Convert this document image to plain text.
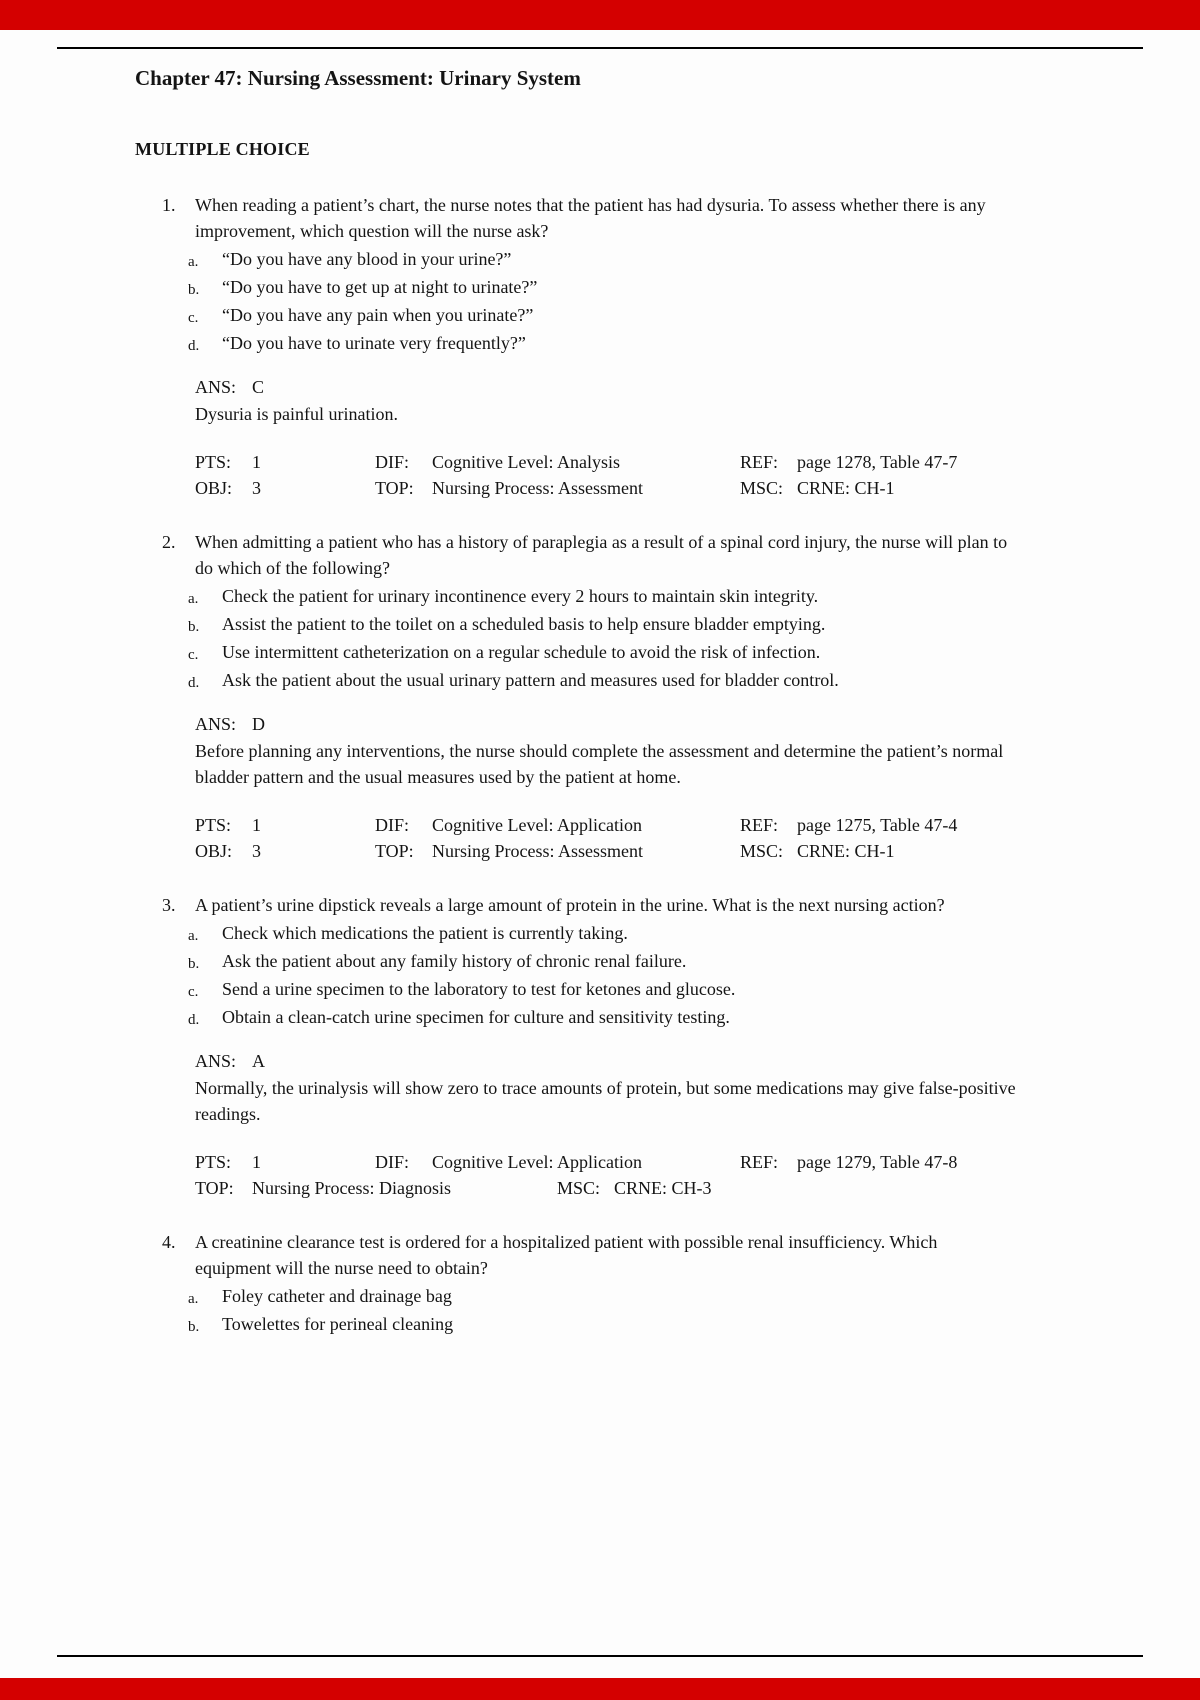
Chapter 47: Nursing Assessment: Urinary System
MULTIPLE CHOICE
1.	When reading a patient’s chart, the nurse notes that the patient has had dysuria. To assess whether there is any improvement, which question will the nurse ask?
a.	“Do you have any blood in your urine?”
b.	“Do you have to get up at night to urinate?”
c.	“Do you have any pain when you urinate?”
d.	“Do you have to urinate very frequently?”
ANS: C
Dysuria is painful urination.
PTS:	1	DIF:	Cognitive Level: Analysis	REF:	page 1278, Table 47-7
OBJ:	3	TOP:	Nursing Process: Assessment	MSC: CRNE: CH-1
2.	When admitting a patient who has a history of paraplegia as a result of a spinal cord injury, the nurse will plan to do which of the following?
a.	Check the patient for urinary incontinence every 2 hours to maintain skin integrity.
b.	Assist the patient to the toilet on a scheduled basis to help ensure bladder emptying.
c.	Use intermittent catheterization on a regular schedule to avoid the risk of infection.
d.	Ask the patient about the usual urinary pattern and measures used for bladder control.
ANS: D
Before planning any interventions, the nurse should complete the assessment and determine the patient’s normal bladder pattern and the usual measures used by the patient at home.
PTS:	1	DIF:	Cognitive Level: Application	REF:	page 1275, Table 47-4
OBJ:	3	TOP:	Nursing Process: Assessment	MSC: CRNE: CH-1
3.	A patient’s urine dipstick reveals a large amount of protein in the urine. What is the next nursing action?
a.	Check which medications the patient is currently taking.
b.	Ask the patient about any family history of chronic renal failure.
c.	Send a urine specimen to the laboratory to test for ketones and glucose.
d.	Obtain a clean-catch urine specimen for culture and sensitivity testing.
ANS: A
Normally, the urinalysis will show zero to trace amounts of protein, but some medications may give false-positive readings.
PTS:	1	DIF:	Cognitive Level: Application	REF:	page 1279, Table 47-8
TOP:	Nursing Process: Diagnosis	MSC: CRNE: CH-3
4.	A creatinine clearance test is ordered for a hospitalized patient with possible renal insufficiency. Which equipment will the nurse need to obtain?
a.	Foley catheter and drainage bag
b.	Towelettes for perineal cleaning
